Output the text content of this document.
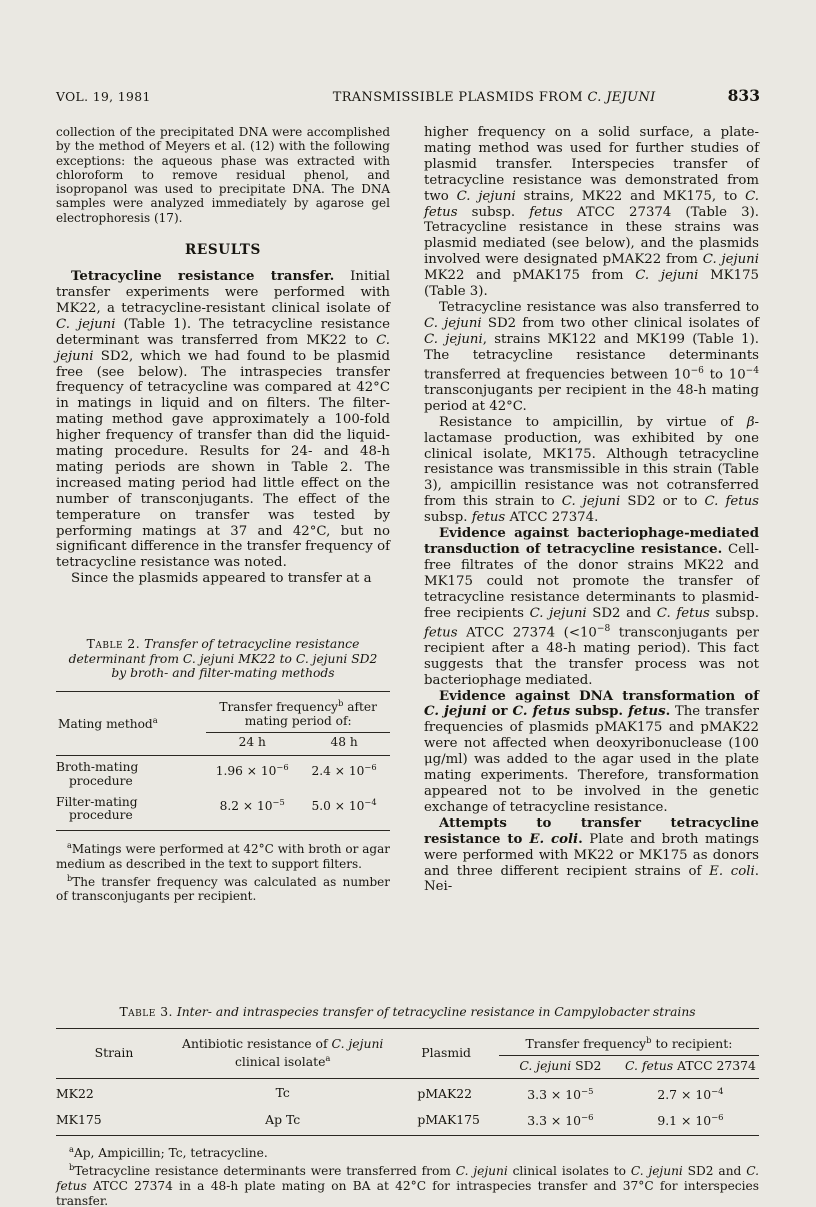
VOL. 19, 1981	TRANSMISSIBLE PLASMIDS FROM C. JEJUNI	833

collection of the precipitated DNA were accomplished by the method of Meyers et al. (12) with the following exceptions: the aqueous phase was extracted with chloroform to remove residual phenol, and isopropanol was used to precipitate DNA. The DNA samples were analyzed immediately by agarose gel electrophoresis (17).

RESULTS

Tetracycline resistance transfer. Initial transfer experiments were performed with MK22, a tetracycline-resistant clinical isolate of C. jejuni (Table 1). The tetracycline resistance determinant was transferred from MK22 to C. jejuni SD2, which we had found to be plasmid free (see below). The intraspecies transfer frequency of tetracycline was compared at 42°C in matings in liquid and on filters. The filter-mating method gave approximately a 100-fold higher frequency of transfer than did the liquid-mating procedure. Results for 24- and 48-h mating periods are shown in Table 2. The increased mating period had little effect on the number of transconjugants. The effect of the temperature on transfer was tested by performing matings at 37 and 42°C, but no significant difference in the transfer frequency of tetracycline resistance was noted.

Since the plasmids appeared to transfer at a

Table 2. Transfer of tetracycline resistance determinant from C. jejuni MK22 to C. jejuni SD2 by broth- and filter-mating methods

Mating method$^a$	Transfer frequency$^b$ after mating period of:	
	24 h	48 h
Broth-mating procedure	$1.96 \times 10^{-6}$	$2.4 \times 10^{-6}$
Filter-mating procedure	$8.2 \times 10^{-5}$	$5.0 \times 10^{-4}$

$^a$Matings were performed at 42°C with broth or agar medium as described in the text to support filters.

$^b$The transfer frequency was calculated as number of transconjugants per recipient.

higher frequency on a solid surface, a plate-mating method was used for further studies of plasmid transfer. Interspecies transfer of tetracycline resistance was demonstrated from two C. jejuni strains, MK22 and MK175, to C. fetus subsp. fetus ATCC 27374 (Table 3). Tetracycline resistance in these strains was plasmid mediated (see below), and the plasmids involved were designated pMAK22 from C. jejuni MK22 and pMAK175 from C. jejuni MK175 (Table 3).

Tetracycline resistance was also transferred to C. jejuni SD2 from two other clinical isolates of C. jejuni, strains MK122 and MK199 (Table 1). The tetracycline resistance determinants transferred at frequencies between $10^{-6}$ to $10^{-4}$ transconjugants per recipient in the 48-h mating period at 42°C.

Resistance to ampicillin, by virtue of β-lactamase production, was exhibited by one clinical isolate, MK175. Although tetracycline resistance was transmissible in this strain (Table 3), ampicillin resistance was not cotransferred from this strain to C. jejuni SD2 or to C. fetus subsp. fetus ATCC 27374.

Evidence against bacteriophage-mediated transduction of tetracycline resistance. Cell-free filtrates of the donor strains MK22 and MK175 could not promote the transfer of tetracycline resistance determinants to plasmid-free recipients C. jejuni SD2 and C. fetus subsp. fetus ATCC 27374 ($<10^{-8}$ transconjugants per recipient after a 48-h mating period). This fact suggests that the transfer process was not bacteriophage mediated.

Evidence against DNA transformation of C. jejuni or C. fetus subsp. fetus. The transfer frequencies of plasmids pMAK175 and pMAK22 were not affected when deoxyribonuclease (100 μg/ml) was added to the agar used in the plate mating experiments. Therefore, transformation appeared not to be involved in the genetic exchange of tetracycline resistance.

Attempts to transfer tetracycline resistance to E. coli. Plate and broth matings were performed with MK22 or MK175 as donors and three different recipient strains of E. coli. Nei-

Table 3. Inter- and intraspecies transfer of tetracycline resistance in Campylobacter strains

Strain	Antibiotic resistance of C. jejuni clinical isolate$^a$	Plasmid	Transfer frequency$^b$ to recipient:	
			C. jejuni SD2	C. fetus ATCC 27374
MK22	Tc	pMAK22	$3.3 \times 10^{-5}$	$2.7 \times 10^{-4}$
MK175	Ap Tc	pMAK175	$3.3 \times 10^{-6}$	$9.1 \times 10^{-6}$

$^a$Ap, Ampicillin; Tc, tetracycline.

$^b$Tetracycline resistance determinants were transferred from C. jejuni clinical isolates to C. jejuni SD2 and C. fetus ATCC 27374 in a 48-h plate mating on BA at 42°C for intraspecies transfer and 37°C for interspecies transfer.
